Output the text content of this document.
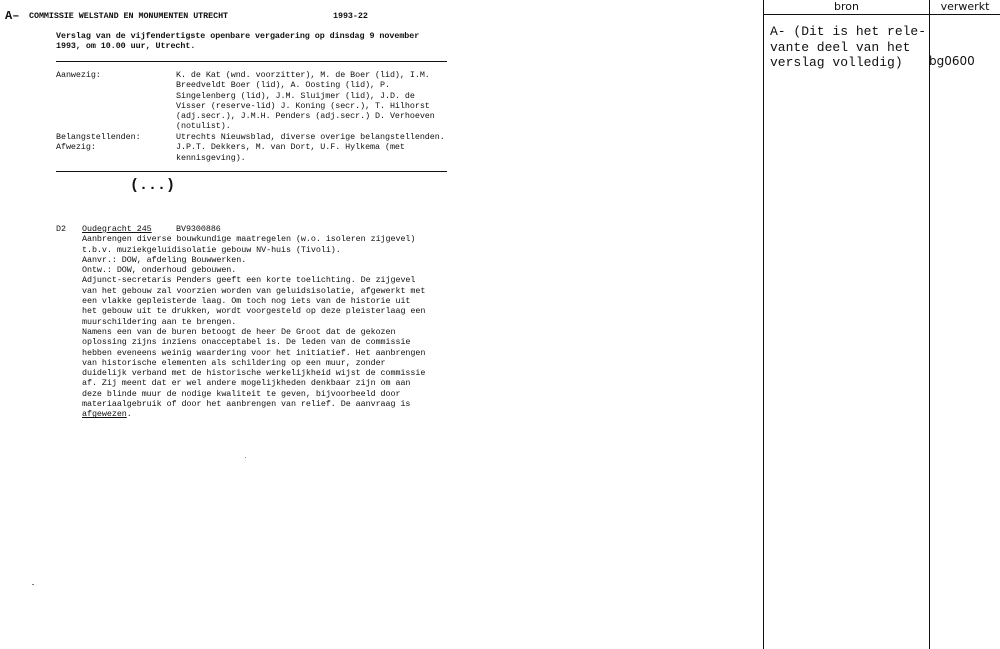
A– COMMISSIE WELSTAND EN MONUMENTEN UTRECHT	1993-22
Verslag van de vijfendertigste openbare vergadering op dinsdag 9 november
1993, om 10.00 uur, Utrecht.
Aanwezig:	K. de Kat (wnd. voorzitter), M. de Boer (lid), I.M.
Breedveldt Boer (lid), A. Oosting (lid), P.
Singelenberg (lid), J.M. Sluijmer (lid), J.D. de
Visser (reserve-lid) J. Koning (secr.), T. Hilhorst
(adj.secr.), J.M.H. Penders (adj.secr.) D. Verhoeven
(notulist).
Belangstellenden:	Utrechts Nieuwsblad, diverse overige belangstellenden.
Afwezig:	J.P.T. Dekkers, M. van Dort, U.F. Hylkema (met
kennisgeving).
(...)
D2 Oudegracht 245	BV9300886
Aanbrengen diverse bouwkundige maatregelen (w.o. isoleren zijgevel)
t.b.v. muziekgeluidisolatie gebouw NV-huis (Tivoli).
Aanvr.: DOW, afdeling Bouwwerken.
Ontw.: DOW, onderhoud gebouwen.
Adjunct-secretaris Penders geeft een korte toelichting. De zijgevel
van het gebouw zal voorzien worden van geluidsisolatie, afgewerkt met
een vlakke gepleisterde laag. Om toch nog iets van de historie uit
het gebouw uit te drukken, wordt voorgesteld op deze pleisterlaag een
muurschildering aan te brengen.
Namens een van de buren betoogt de heer De Groot dat de gekozen
oplossing zijns inziens onacceptabel is. De leden van de commissie
hebben eveneens weinig waardering voor het initiatief. Het aanbrengen
van historische elementen als schildering op een muur, zonder
duidelijk verband met de historische werkelijkheid wijst de commissie
af. Zij meent dat er wel andere mogelijkheden denkbaar zijn om aan
deze blinde muur de nodige kwaliteit te geven, bijvoorbeeld door
materiaalgebruik of door het aanbrengen van relief. De aanvraag is
afgewezen.
bron	verwerkt
A- (Dit is het rele-
vante deel van het
verslag volledig)	bg0600
